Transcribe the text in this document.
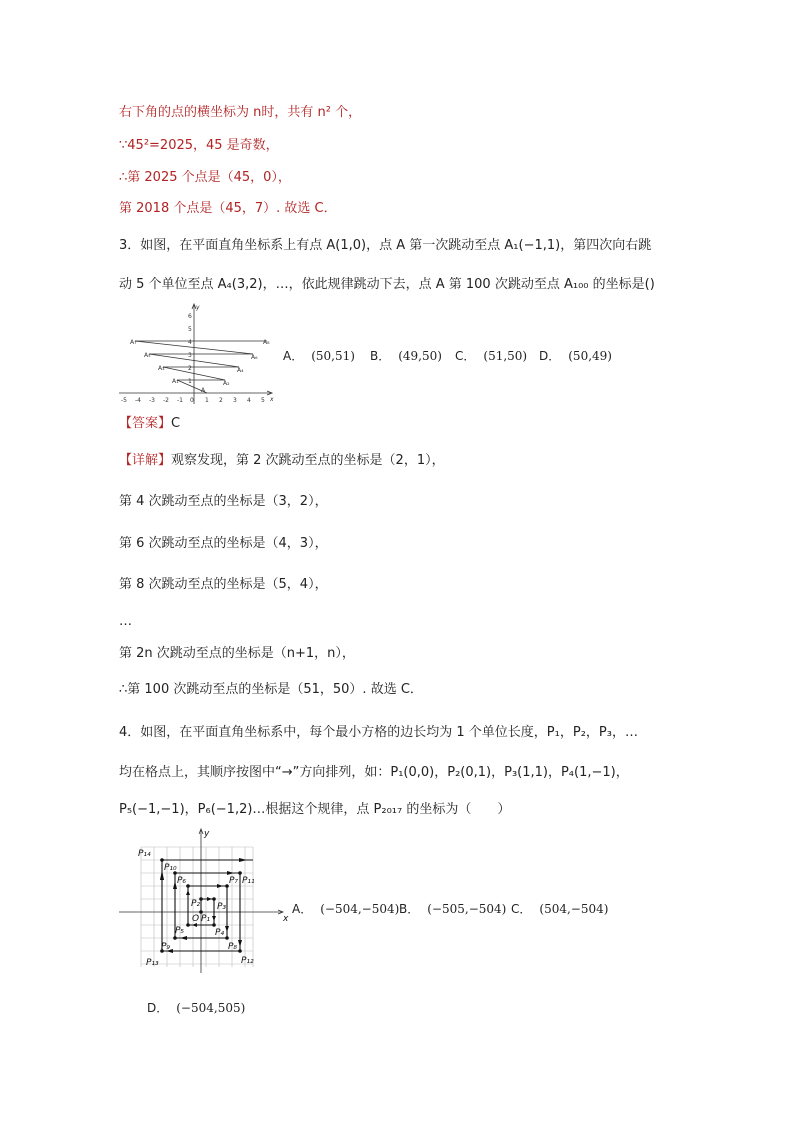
右下角的点的横坐标为 n时，共有 n² 个，
∵45²=2025，45 是奇数，
∴第 2025 个点是（45，0），
第 2018 个点是（45，7）. 故选 C．
3．如图，在平面直角坐标系上有点 A(1,0)，点 A 第一次跳动至点 A₁(−1,1)，第四次向右跳
动 5 个单位至点 A₄(3,2)，…，依此规律跳动下去，点 A 第 100 次跳动至点 A₁₀₀ 的坐标是()
-5 -4 -3 -2 -1 0 1 2 3 4 5 x
1
2
3
4
5
6
y
A
A₁	A₂
A₃	A₄
A₅	A₆
A₇	A₈
A． (50,51) B． (49,50) C． (51,50) D． (50,49)
【答案】C
【详解】观察发现，第 2 次跳动至点的坐标是（2，1），
第 4 次跳动至点的坐标是（3，2），
第 6 次跳动至点的坐标是（4，3），
第 8 次跳动至点的坐标是（5，4），
…
第 2n 次跳动至点的坐标是（n+1，n），
∴第 100 次跳动至点的坐标是（51，50）. 故选 C．
4．如图，在平面直角坐标系中，每个最小方格的边长均为 1 个单位长度，P₁，P₂，P₃，…
均在格点上，其顺序按图中“→”方向排列，如：P₁(0,0)，P₂(0,1)，P₃(1,1)，P₄(1,−1)，
P₅(−1,−1)，P₆(−1,2)…根据这个规律，点 P₂₀₁₇ 的坐标为（　　）
y
x
O P₁
P₂ P₃
P₄
P₅
P₆	P₇
P₈
P₉
P₁₀
P₁₁
P₁₂
P₁₃
P₁₄
A． (−504,−504) B． (−505,−504) C． (504,−504)
D． (−504,505)
